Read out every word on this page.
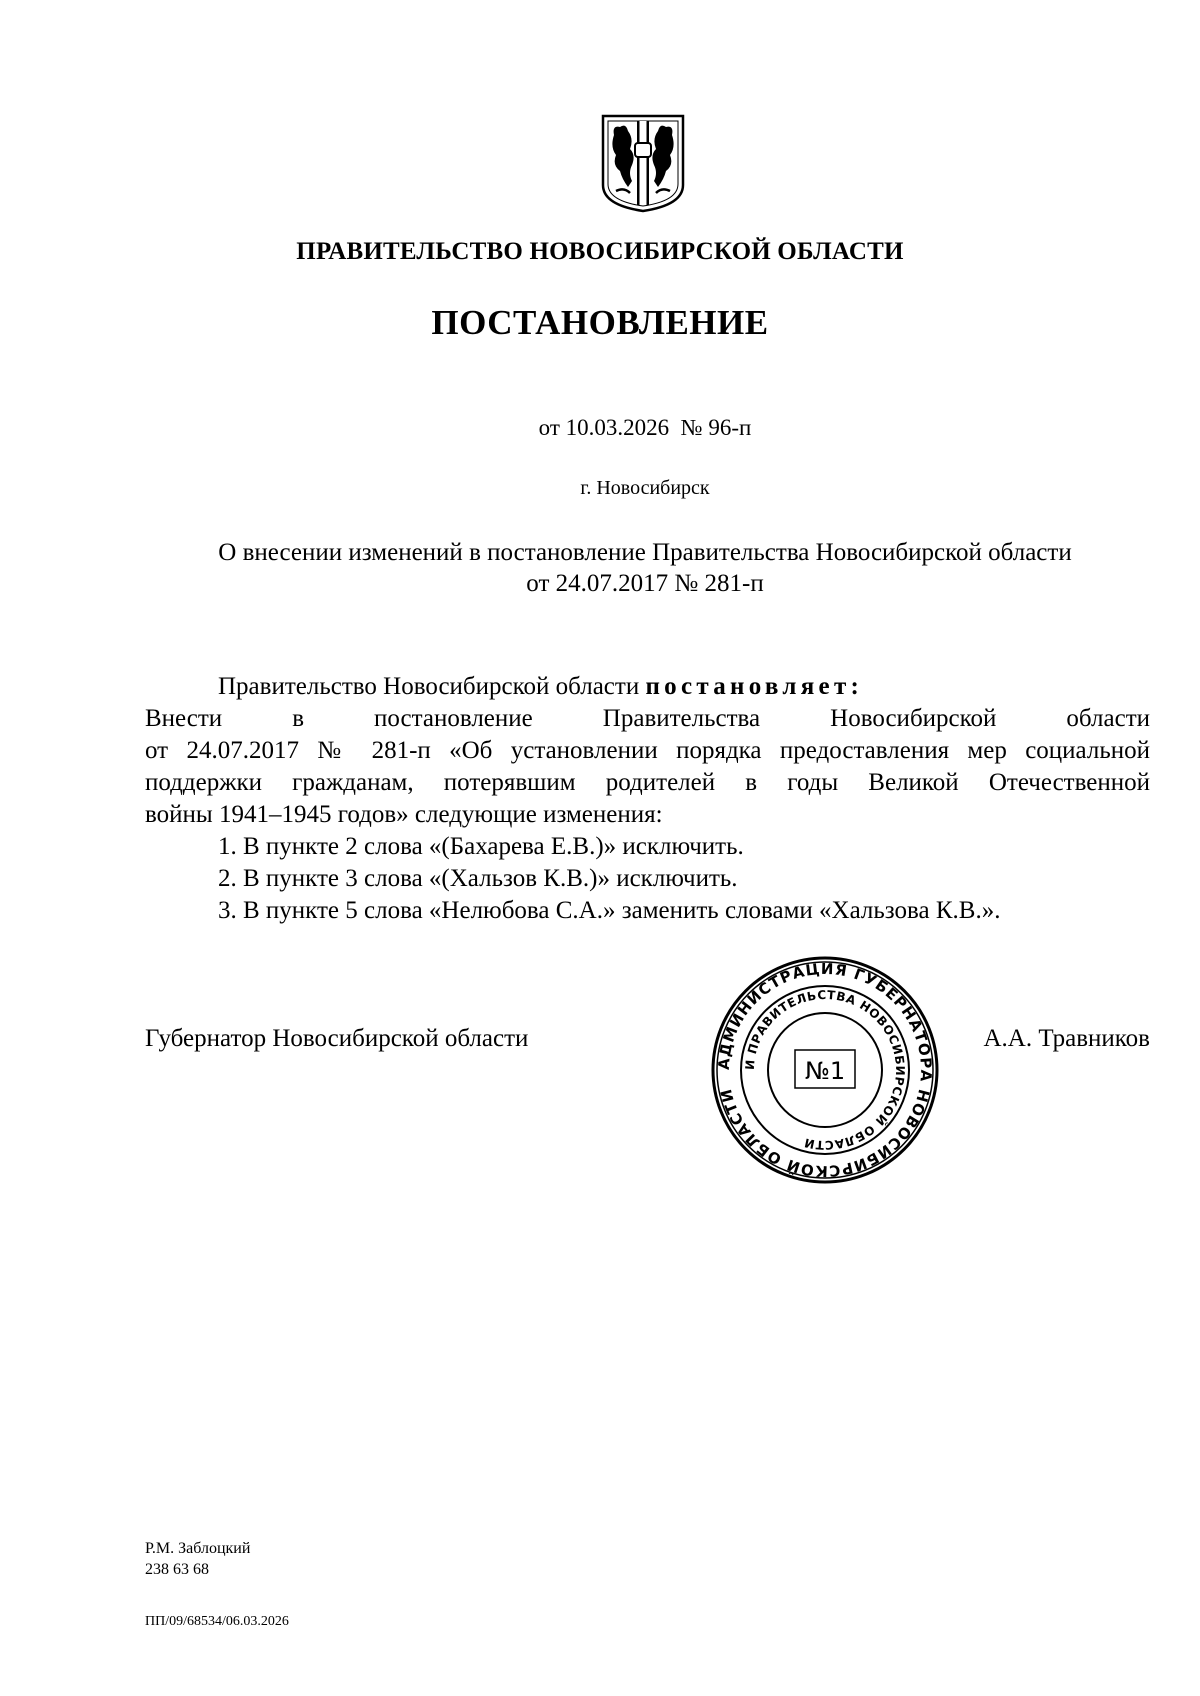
ПРАВИТЕЛЬСТВО НОВОСИБИРСКОЙ ОБЛАСТИ
ПОСТАНОВЛЕНИЕ
от 10.03.2026  № 96-п
г. Новосибирск
О внесении изменений в постановление Правительства Новосибирской области
от 24.07.2017 № 281-п
Правительство Новосибирской области постановляет:
Внести в постановление Правительства Новосибирской области
от 24.07.2017 № 281-п «Об установлении порядка предоставления мер социальной
поддержки гражданам, потерявшим родителей в годы Великой Отечественной
войны 1941–1945 годов» следующие изменения:
1. В пункте 2 слова «(Бахарева Е.В.)» исключить.
2. В пункте 3 слова «(Хальзов К.В.)» исключить.
3. В пункте 5 слова «Нелюбова С.А.» заменить словами «Хальзова К.В.».
Губернатор Новосибирской области	А.А. Травников
АДМИНИСТРАЦИЯ ГУБЕРНАТОРА НОВОСИБИРСКОЙ ОБЛАСТИ
И ПРАВИТЕЛЬСТВА НОВОСИБИРСКОЙ ОБЛАСТИ
№1
Р.М. Заблоцкий
238 63 68
ПП/09/68534/06.03.2026
